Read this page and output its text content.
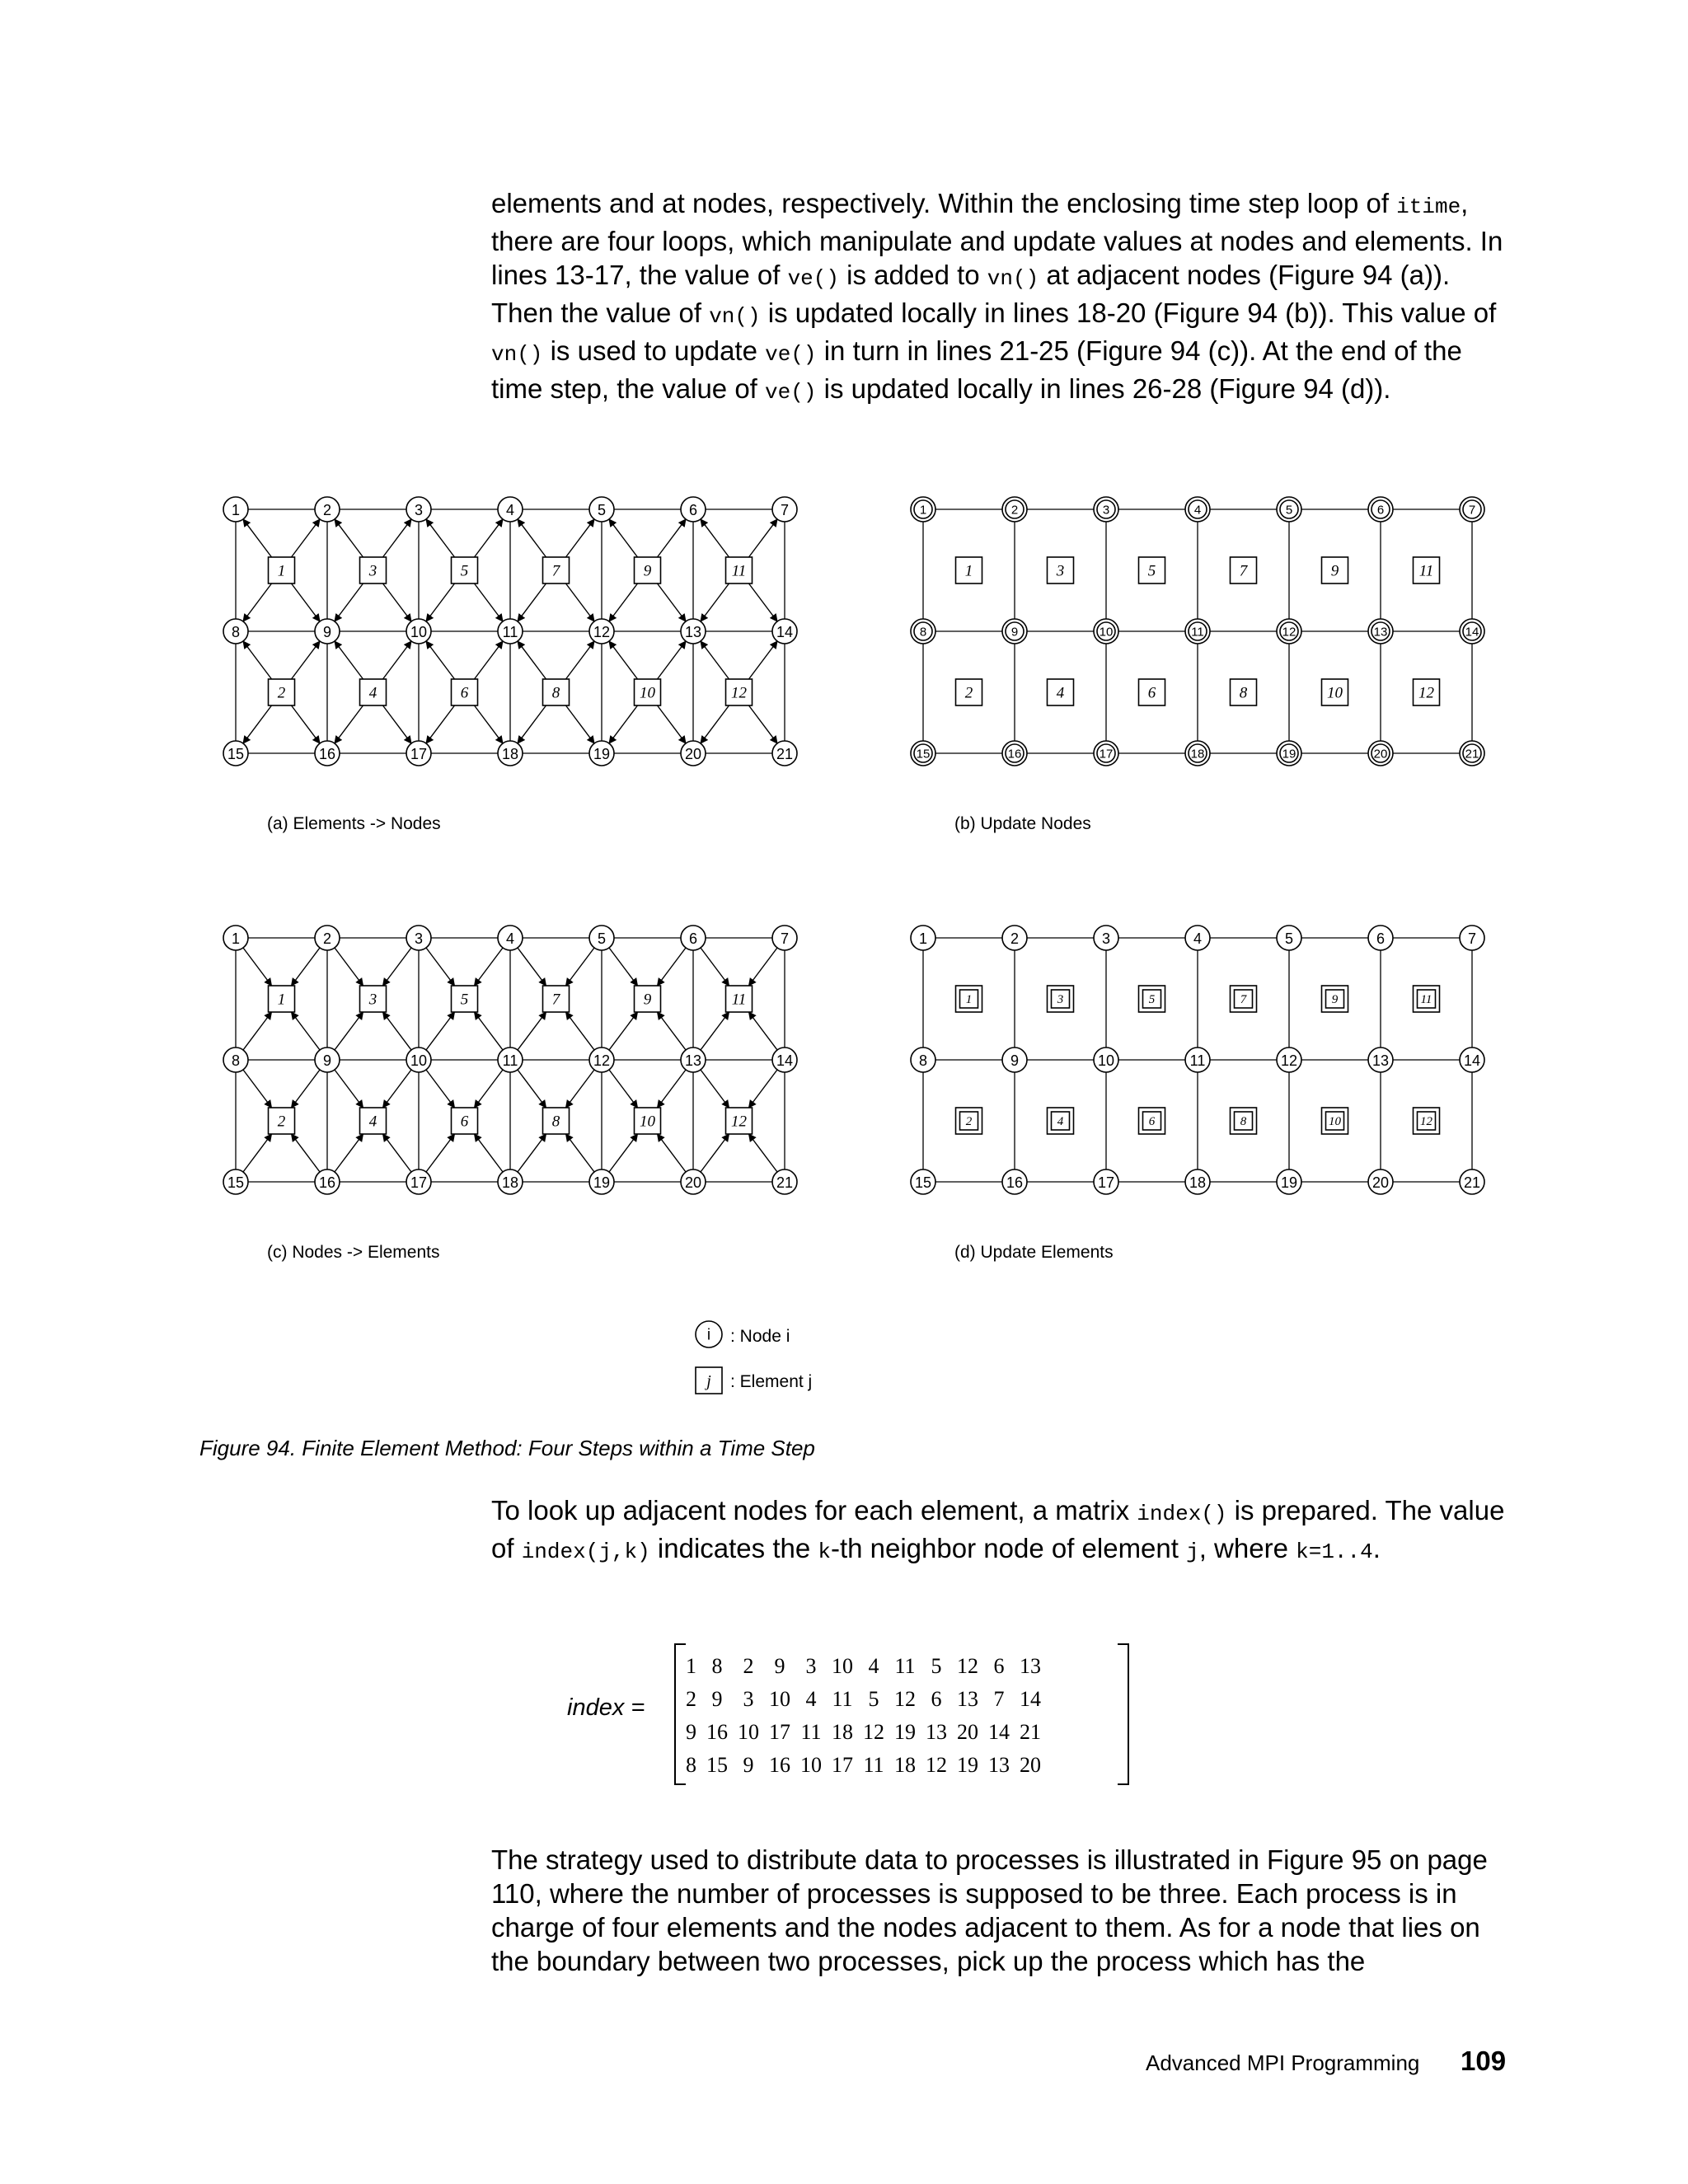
elements and at nodes, respectively. Within the enclosing time step loop of itime, there are four loops, which manipulate and update values at nodes and elements. In lines 13-17, the value of ve() is added to vn() at adjacent nodes (Figure 94 (a)). Then the value of vn() is updated locally in lines 18-20 (Figure 94 (b)). This value of vn() is used to update ve() in turn in lines 21-25 (Figure 94 (c)). At the end of the time step, the value of ve() is updated locally in lines 26-28 (Figure 94 (d)).

1	3	5	7	9	11
2	4	6	8	10	12
1	2	3	4	5	6	7
8	9	10	11	12	13	14
15	16	17	18	19	20	21
(a) Elements -> Nodes
1	3	5	7	9	11
2	4	6	8	10	12
1	2	3	4	5	6	7
8	9	10	11	12	13	14
15	16	17	18	19	20	21
(b) Update Nodes
1	3	5	7	9	11
2	4	6	8	10	12
1	2	3	4	5	6	7
8	9	10	11	12	13	14
15	16	17	18	19	20	21
(c) Nodes -> Elements
1	3	5	7	9	11
2	4	6	8	10	12
1	2	3	4	5	6	7
8	9	10	11	12	13	14
15	16	17	18	19	20	21
(d) Update Elements
i : Node i
j : Element j
Figure 94. Finite Element Method: Four Steps within a Time Step

To look up adjacent nodes for each element, a matrix index() is prepared. The value of index(j,k) indicates the k-th neighbor node of element j, where k=1..4.

index =
1	8	2	9	3	10	4	11	5	12	6	13
2	9	3	10	4	11	5	12	6	13	7	14
9	16	10	17	11	18	12	19	13	20	14	21
8	15	9	16	10	17	11	18	12	19	13	20

The strategy used to distribute data to processes is illustrated in Figure 95 on page 110, where the number of processes is supposed to be three. Each process is in charge of four elements and the nodes adjacent to them. As for a node that lies on the boundary between two processes, pick up the process which has the

Advanced MPI Programming 109
